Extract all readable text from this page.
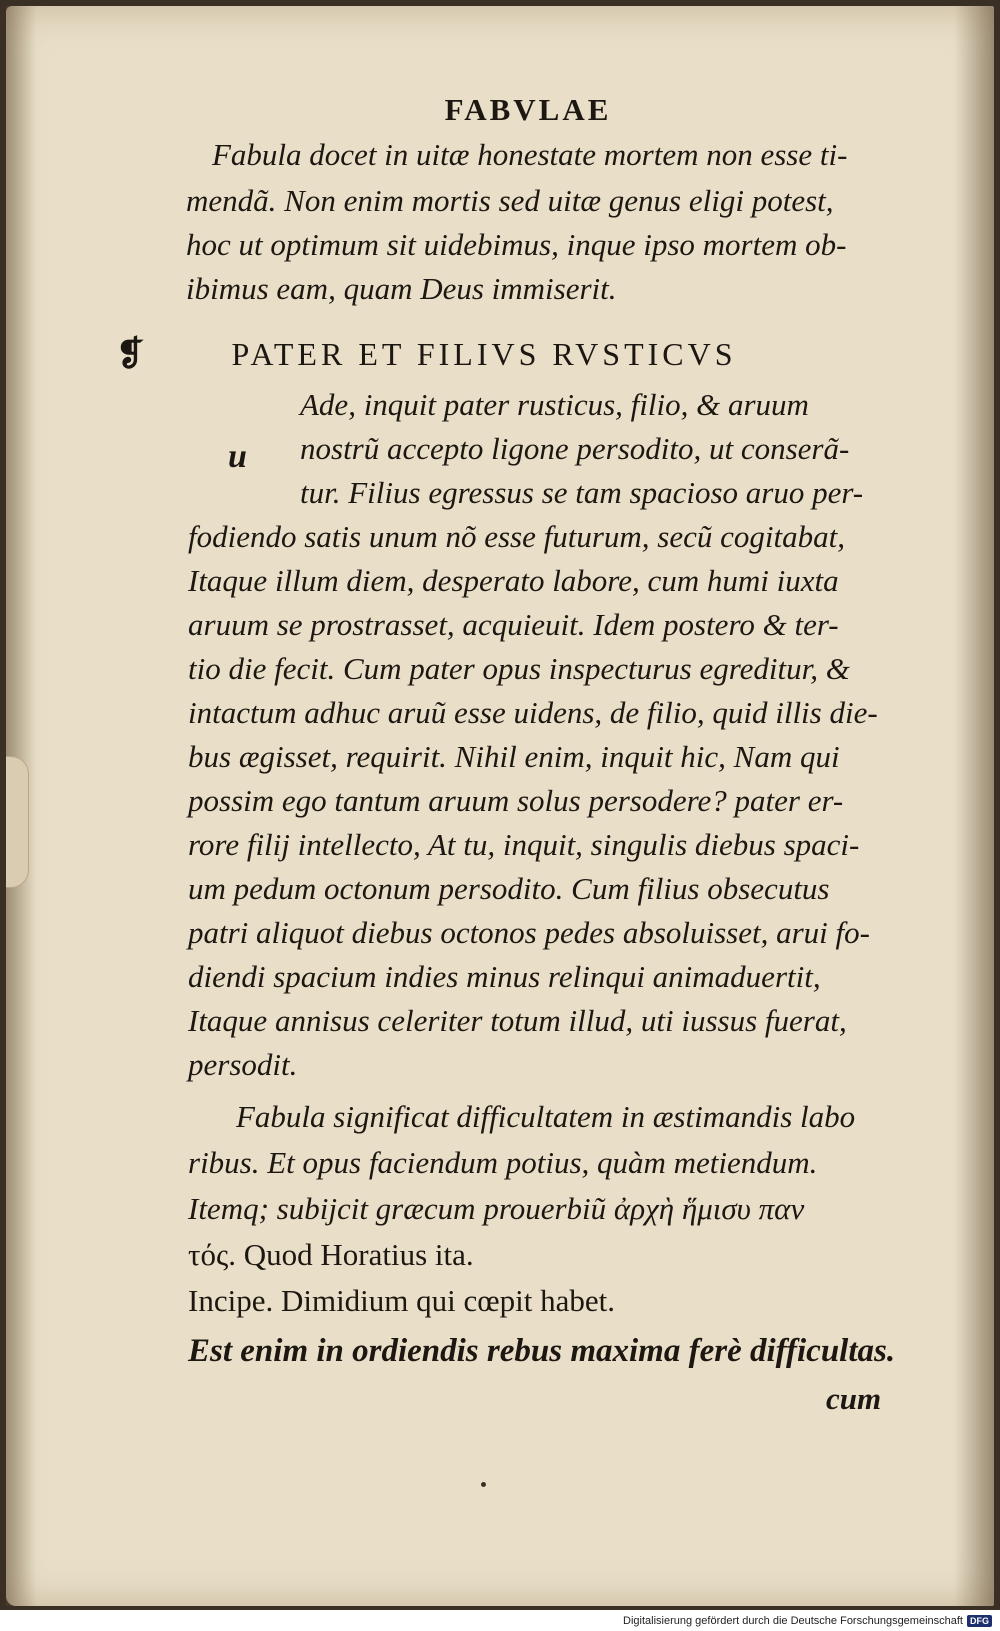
FABVLAE
Fabula docet in uitæ honestate mortem non esse ti-
mendã. Non enim mortis sed uitæ genus eligi potest,
hoc ut optimum sit uidebimus, inque ipso mortem ob-
ibimus eam, quam Deus immiserit.
❡	PATER ET FILIVS RVSTICVS
u
Ade, inquit pater rusticus, filio, & aruum
nostrũ accepto ligone persodito, ut conserã-
tur. Filius egressus se tam spacioso aruo per-
fodiendo satis unum nõ esse futurum, secũ cogitabat,
Itaque illum diem, desperato labore, cum humi iuxta
aruum se prostrasset, acquieuit. Idem postero & ter-
tio die fecit. Cum pater opus inspecturus egreditur, &
intactum adhuc aruũ esse uidens, de filio, quid illis die-
bus ægisset, requirit. Nihil enim, inquit hic, Nam qui
possim ego tantum aruum solus persodere? pater er-
rore filij intellecto, At tu, inquit, singulis diebus spaci-
um pedum octonum persodito. Cum filius obsecutus
patri aliquot diebus octonos pedes absoluisset, arui fo-
diendi spacium indies minus relinqui animaduertit,
Itaque annisus celeriter totum illud, uti iussus fuerat,
persodit.
Fabula significat difficultatem in æstimandis labo
ribus. Et opus faciendum potius, quàm metiendum.
Itemq; subijcit græcum prouerbiũ ἀρχὴ ἥμισυ παν
τός. Quod Horatius ita.
Incipe. Dimidium qui cœpit habet.
Est enim in ordiendis rebus maxima ferè difficultas.
cum
Digitalisierung gefördert durch die Deutsche Forschungsgemeinschaft DFG
